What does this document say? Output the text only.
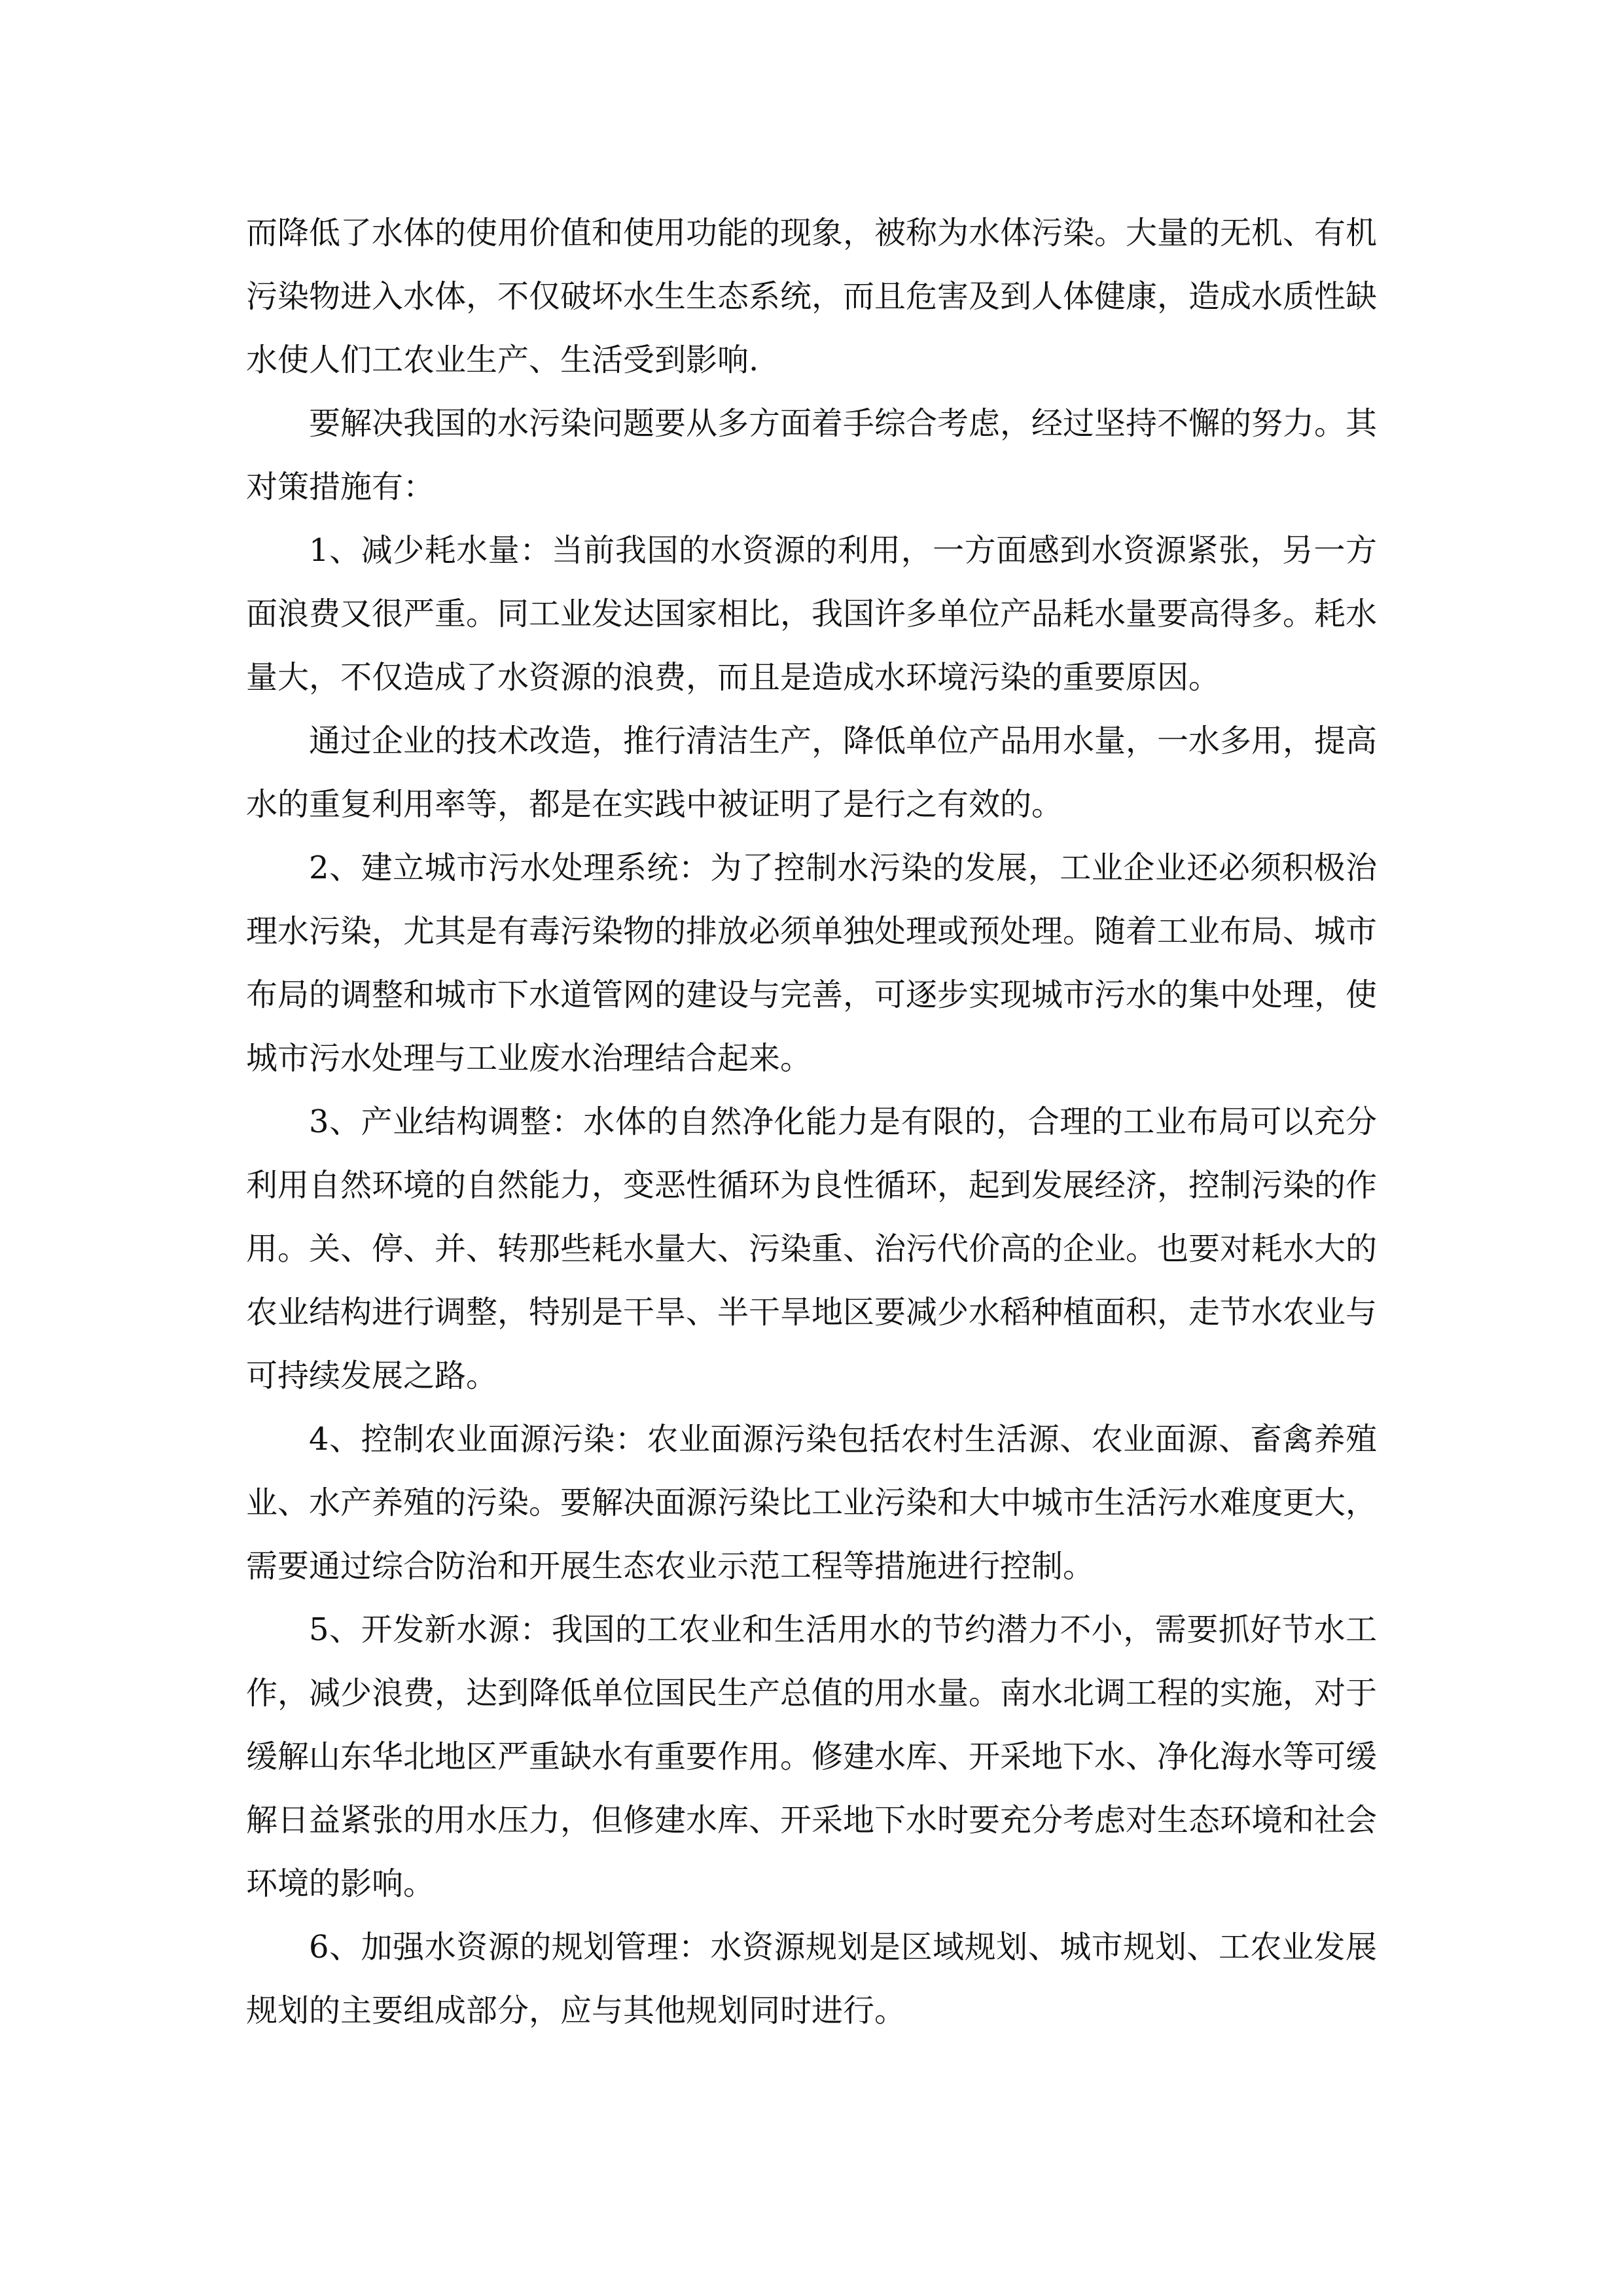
而降低了水体的使用价值和使用功能的现象，被称为水体污染。大量的无机、有机污染物进入水体，不仅破坏水生生态系统，而且危害及到人体健康，造成水质性缺水使人们工农业生产、生活受到影响.

要解决我国的水污染问题要从多方面着手综合考虑，经过坚持不懈的努力。其对策措施有：

1、减少耗水量：当前我国的水资源的利用，一方面感到水资源紧张，另一方面浪费又很严重。同工业发达国家相比，我国许多单位产品耗水量要高得多。耗水量大，不仅造成了水资源的浪费，而且是造成水环境污染的重要原因。

通过企业的技术改造，推行清洁生产，降低单位产品用水量，一水多用，提高水的重复利用率等，都是在实践中被证明了是行之有效的。

2、建立城市污水处理系统：为了控制水污染的发展，工业企业还必须积极治理水污染，尤其是有毒污染物的排放必须单独处理或预处理。随着工业布局、城市布局的调整和城市下水道管网的建设与完善，可逐步实现城市污水的集中处理，使城市污水处理与工业废水治理结合起来。

3、产业结构调整：水体的自然净化能力是有限的，合理的工业布局可以充分利用自然环境的自然能力，变恶性循环为良性循环，起到发展经济，控制污染的作用。关、停、并、转那些耗水量大、污染重、治污代价高的企业。也要对耗水大的农业结构进行调整，特别是干旱、半干旱地区要减少水稻种植面积，走节水农业与可持续发展之路。

4、控制农业面源污染：农业面源污染包括农村生活源、农业面源、畜禽养殖业、水产养殖的污染。要解决面源污染比工业污染和大中城市生活污水难度更大，需要通过综合防治和开展生态农业示范工程等措施进行控制。

5、开发新水源：我国的工农业和生活用水的节约潜力不小，需要抓好节水工作，减少浪费，达到降低单位国民生产总值的用水量。南水北调工程的实施，对于缓解山东华北地区严重缺水有重要作用。修建水库、开采地下水、净化海水等可缓解日益紧张的用水压力，但修建水库、开采地下水时要充分考虑对生态环境和社会环境的影响。

6、加强水资源的规划管理：水资源规划是区域规划、城市规划、工农业发展规划的主要组成部分，应与其他规划同时进行。
